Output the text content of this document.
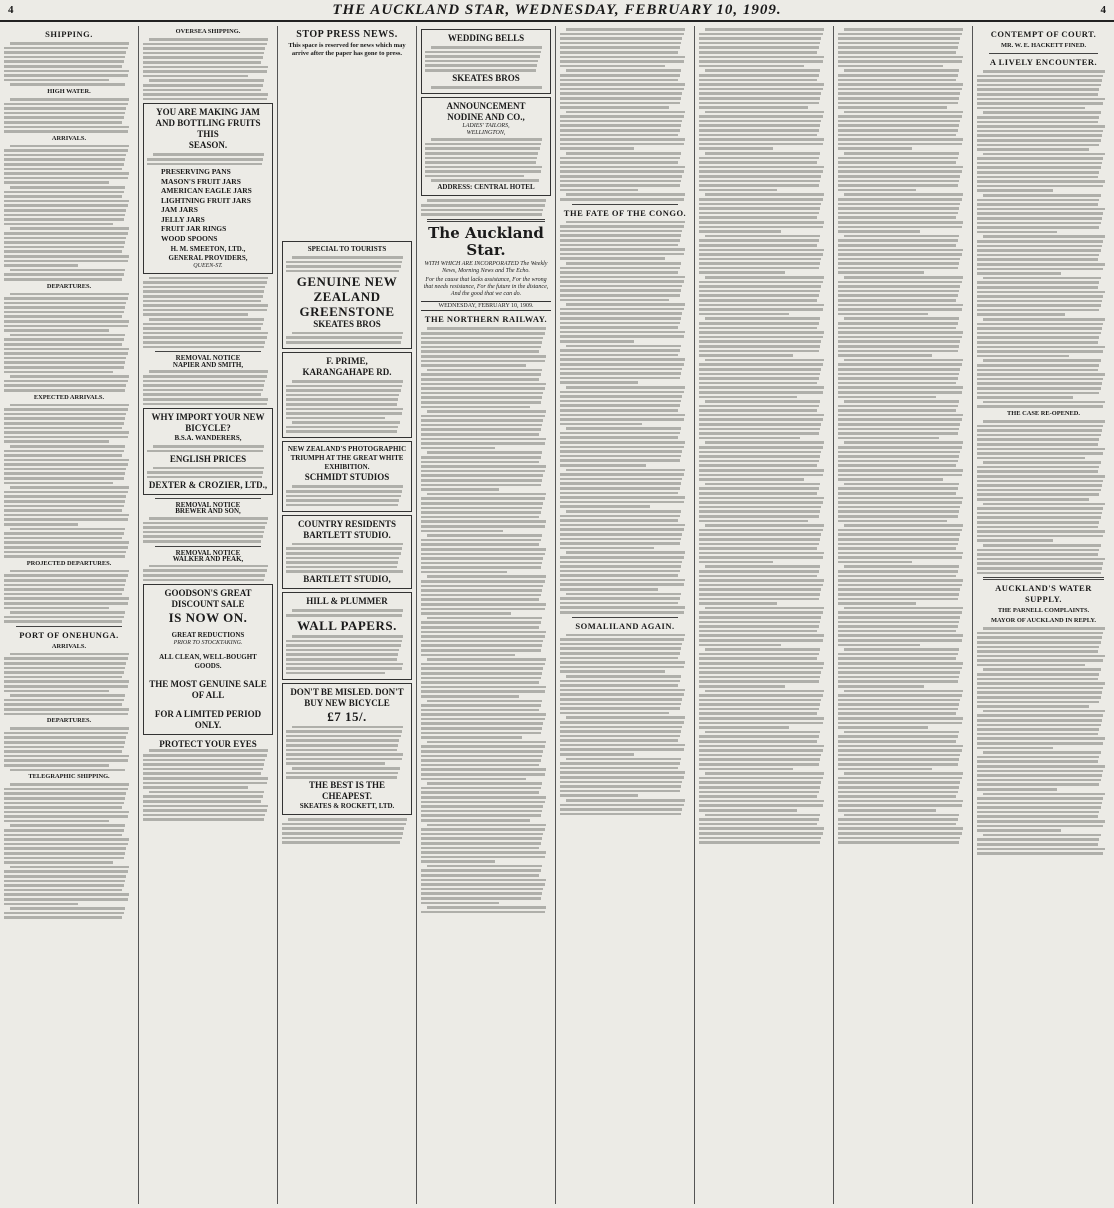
4	THE AUCKLAND STAR, WEDNESDAY, FEBRUARY 10, 1909.	4
SHIPPING.
HIGH WATER.
ARRIVALS.
DEPARTURES.
EXPECTED ARRIVALS.
PROJECTED DEPARTURES.
PORT OF ONEHUNGA.
ARRIVALS.
DEPARTURES.
TELEGRAPHIC SHIPPING.
OVERSEA SHIPPING.
YOU ARE MAKING JAM
AND BOTTLING FRUITS THIS
SEASON.
PRESERVING PANS
MASON'S FRUIT JARS
AMERICAN EAGLE JARS
LIGHTNING FRUIT JARS
JAM JARS
JELLY JARS
FRUIT JAR RINGS
WOOD SPOONS
H. M. SMEETON, LTD.,
GENERAL PROVIDERS,
QUEEN-ST.
REMOVAL NOTICE
NAPIER AND SMITH,
WHY IMPORT YOUR NEW BICYCLE?
B.S.A. WANDERERS,
ENGLISH PRICES
DEXTER & CROZIER, LTD.,
REMOVAL NOTICE
BREWER AND SON,
REMOVAL NOTICE
WALKER AND PEAK,
GOODSON'S GREAT DISCOUNT SALE
IS NOW ON.
GREAT REDUCTIONS
PRIOR TO STOCKTAKING.
ALL CLEAN, WELL-BOUGHT GOODS.
THE MOST GENUINE SALE OF ALL
FOR A LIMITED PERIOD ONLY.
PROTECT YOUR EYES
STOP PRESS NEWS.
This space is reserved for news which may arrive after the paper has gone to press.
SPECIAL TO TOURISTS
GENUINE NEW ZEALAND GREENSTONE
SKEATES BROS
F. PRIME,
KARANGAHAPE RD.
NEW ZEALAND'S PHOTOGRAPHIC TRIUMPH AT THE GREAT WHITE EXHIBITION.
SCHMIDT STUDIOS
COUNTRY RESIDENTS
BARTLETT STUDIO.
BARTLETT STUDIO,
HILL & PLUMMER
WALL PAPERS.
DON'T BE MISLED. DON'T BUY NEW BICYCLE
£7 15/.
THE BEST IS THE CHEAPEST.
SKEATES & ROCKETT, LTD.
WEDDING BELLS
SKEATES BROS
ANNOUNCEMENT
NODINE AND CO.,
LADIES' TAILORS,
WELLINGTON,
ADDRESS: CENTRAL HOTEL
The Auckland Star.
WITH WHICH ARE INCORPORATED The Weekly News, Morning News and The Echo.
For the cause that lacks assistance, For the wrong that needs resistance, For the future in the distance, And the good that we can do.
WEDNESDAY, FEBRUARY 10, 1909.
THE NORTHERN RAILWAY.
THE FATE OF THE CONGO.
SOMALILAND AGAIN.
CONTEMPT OF COURT.
MR. W. E. HACKETT FINED.
A LIVELY ENCOUNTER.
THE CASE RE-OPENED.
AUCKLAND'S WATER SUPPLY.
THE PARNELL COMPLAINTS.
MAYOR OF AUCKLAND IN REPLY.
